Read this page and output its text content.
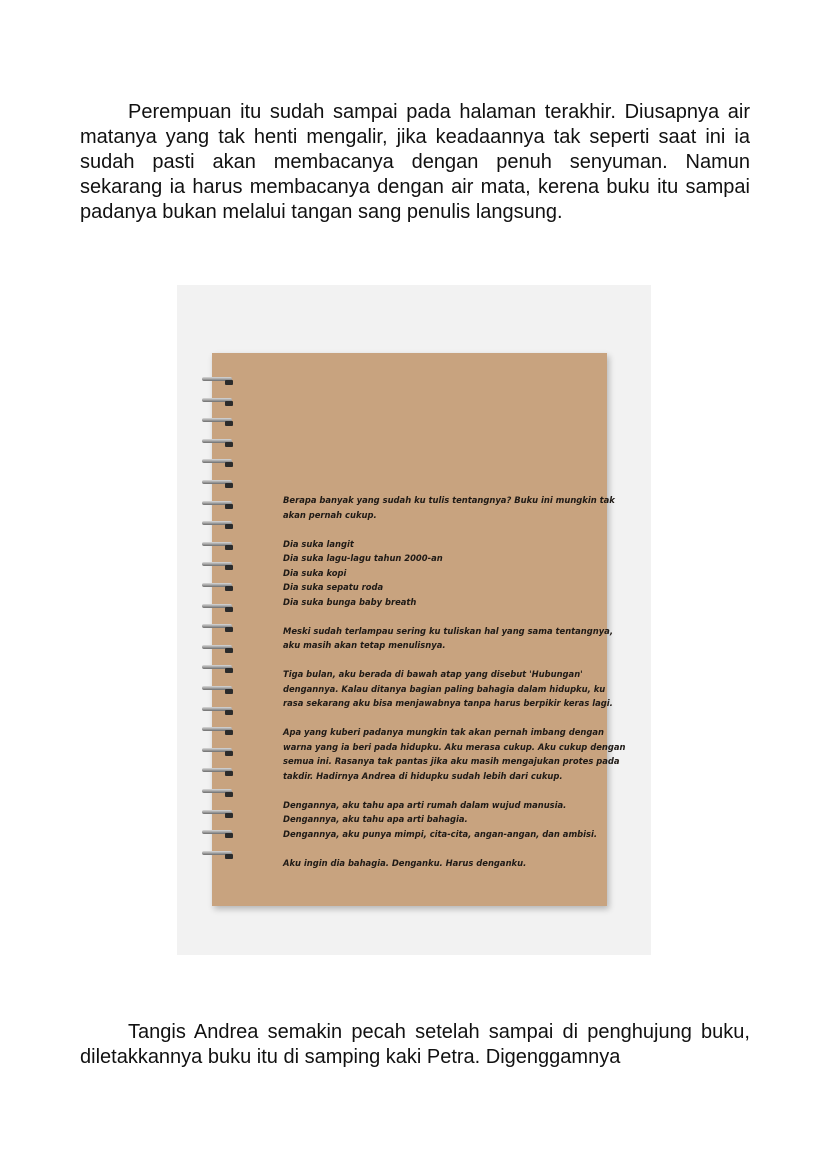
Perempuan itu sudah sampai pada halaman terakhir. Diusapnya air matanya yang tak henti mengalir, jika keadaannya tak seperti saat ini ia sudah pasti akan membacanya dengan penuh senyuman. Namun sekarang ia harus membacanya dengan air mata, kerena buku itu sampai padanya bukan melalui tangan sang penulis langsung.

Berapa banyak yang sudah ku tulis tentangnya? Buku ini mungkin tak
akan pernah cukup.

Dia suka langit
Dia suka lagu-lagu tahun 2000-an
Dia suka kopi
Dia suka sepatu roda
Dia suka bunga baby breath

Meski sudah terlampau sering ku tuliskan hal yang sama tentangnya,
aku masih akan tetap menulisnya.

Tiga bulan, aku berada di bawah atap yang disebut 'Hubungan'
dengannya. Kalau ditanya bagian paling bahagia dalam hidupku, ku
rasa sekarang aku bisa menjawabnya tanpa harus berpikir keras lagi.

Apa yang kuberi padanya mungkin tak akan pernah imbang dengan
warna yang ia beri pada hidupku. Aku merasa cukup. Aku cukup dengan
semua ini. Rasanya tak pantas jika aku masih mengajukan protes pada
takdir. Hadirnya Andrea di hidupku sudah lebih dari cukup.

Dengannya, aku tahu apa arti rumah dalam wujud manusia.
Dengannya, aku tahu apa arti bahagia.
Dengannya, aku punya mimpi, cita-cita, angan-angan, dan ambisi.

Aku ingin dia bahagia. Denganku. Harus denganku.

Tangis Andrea semakin pecah setelah sampai di penghujung buku, diletakkannya buku itu di samping kaki Petra. Digenggamnya
